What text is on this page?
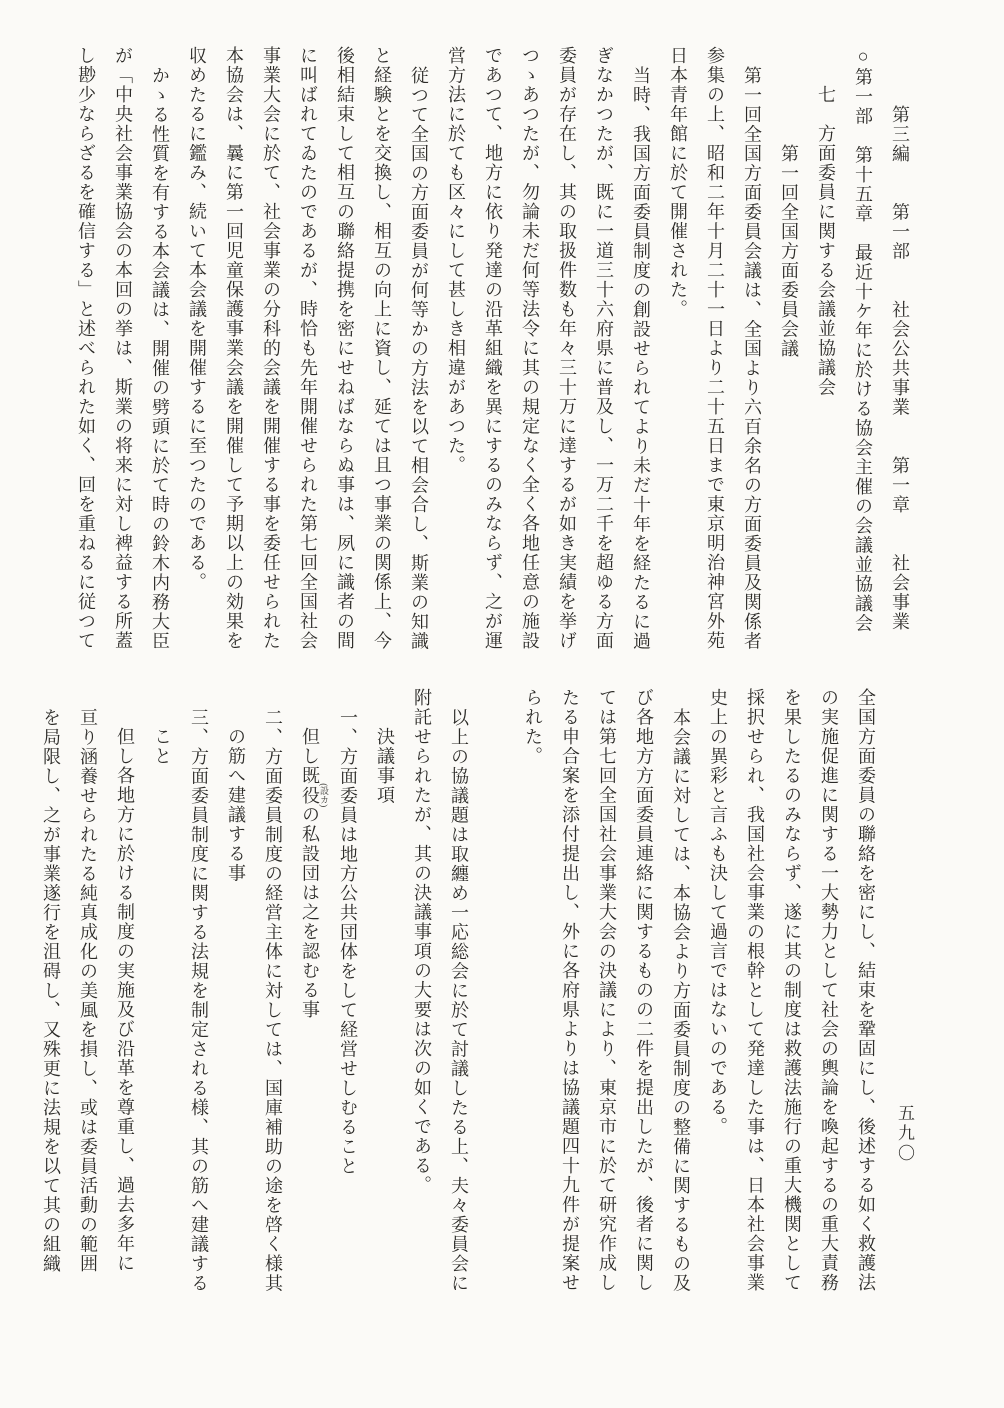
第三編　　第一部　　社会公共事業　　第一章　　社会事業
○第一部　第十五章　最近十ケ年に於ける協会主催の会議並協議会
七　方面委員に関する会議並協議会
第一回全国方面委員会議
第一回全国方面委員会議は、全国より六百余名の方面委員及関係者
参集の上、昭和二年十月二十一日より二十五日まで東京明治神宮外苑
日本青年館に於て開催された。
当時、我国方面委員制度の創設せられてより未だ十年を経たるに過
ぎなかつたが、既に一道三十六府県に普及し、一万二千を超ゆる方面
委員が存在し、其の取扱件数も年々三十万に達するが如き実績を挙げ
つゝあつたが、勿論未だ何等法令に其の規定なく全く各地任意の施設
であつて、地方に依り発達の沿革組織を異にするのみならず、之が運
営方法に於ても区々にして甚しき相違があつた。
従つて全国の方面委員が何等かの方法を以て相会合し、斯業の知識
と経験とを交換し、相互の向上に資し、延ては且つ事業の関係上、今
後相結束して相互の聯絡提携を密にせねばならぬ事は、夙に識者の間
に叫ばれてゐたのであるが、時恰も先年開催せられた第七回全国社会
事業大会に於て、社会事業の分科的会議を開催する事を委任せられた
本協会は、曩に第一回児童保護事業会議を開催して予期以上の効果を
収めたるに鑑み、続いて本会議を開催するに至つたのである。
かゝる性質を有する本会議は、開催の劈頭に於て時の鈴木内務大臣
が「中央社会事業協会の本回の挙は、斯業の将来に対し裨益する所蓋
し尠少ならざるを確信する」と述べられた如く、回を重ねるに従つて
全国方面委員の聯絡を密にし、結束を鞏固にし、後述する如く救護法
の実施促進に関する一大勢力として社会の輿論を喚起するの重大責務
を果したるのみならず、遂に其の制度は救護法施行の重大機関として
採択せられ、我国社会事業の根幹として発達した事は、日本社会事業
史上の異彩と言ふも決して過言ではないのである。
本会議に対しては、本協会より方面委員制度の整備に関するもの及
び各地方方面委員連絡に関するものの二件を提出したが、後者に関し
ては第七回全国社会事業大会の決議により、東京市に於て研究作成し
たる申合案を添付提出し、外に各府県よりは協議題四十九件が提案せ
られた。

以上の協議題は取纏め一応総会に於て討議したる上、夫々委員会に
附託せられたが、其の決議事項の大要は次の如くである。
決議事項
一、方面委員は地方公共団体をして経営せしむること
但し既役 (設カ)の私設団は之を認むる事
二、方面委員制度の経営主体に対しては、国庫補助の途を啓く様其
の筋へ建議する事
三、方面委員制度に関する法規を制定される様、其の筋へ建議する
こと
但し各地方に於ける制度の実施及び沿革を尊重し、過去多年に
亘り涵養せられたる純真成化の美風を損し、或は委員活動の範囲
を局限し、之が事業遂行を沮碍し、又殊更に法規を以て其の組織	五九〇
